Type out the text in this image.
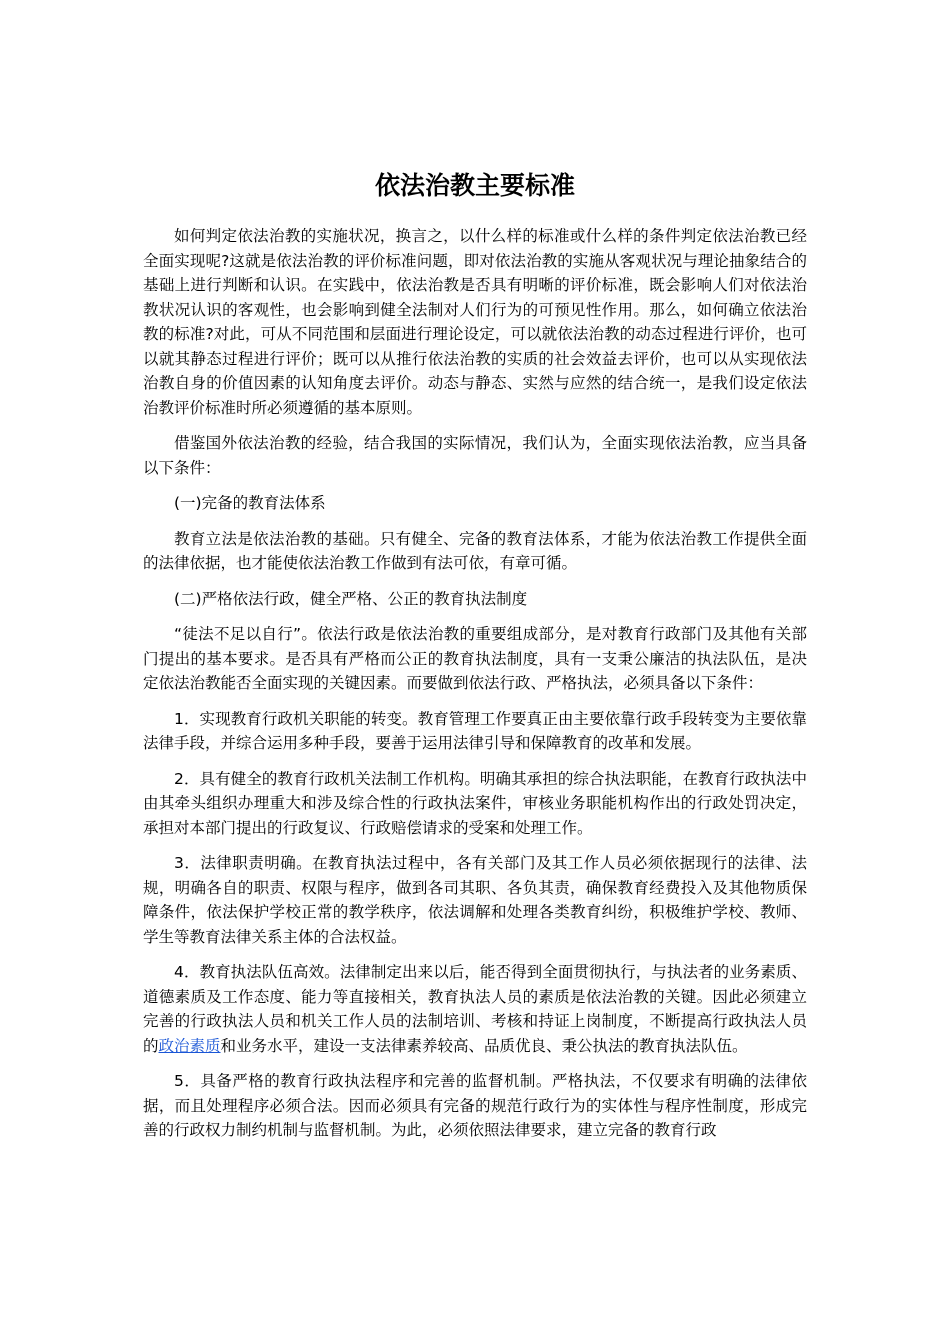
依法治教主要标准

如何判定依法治教的实施状况，换言之，以什么样的标准或什么样的条件判定依法治教已经全面实现呢?这就是依法治教的评价标准问题，即对依法治教的实施从客观状况与理论抽象结合的基础上进行判断和认识。在实践中，依法治教是否具有明晰的评价标准，既会影响人们对依法治教状况认识的客观性，也会影响到健全法制对人们行为的可预见性作用。那么，如何确立依法治教的标准?对此，可从不同范围和层面进行理论设定，可以就依法治教的动态过程进行评价，也可以就其静态过程进行评价；既可以从推行依法治教的实质的社会效益去评价，也可以从实现依法治教自身的价值因素的认知角度去评价。动态与静态、实然与应然的结合统一，是我们设定依法治教评价标准时所必须遵循的基本原则。

借鉴国外依法治教的经验，结合我国的实际情况，我们认为，全面实现依法治教，应当具备以下条件：

(一)完备的教育法体系

教育立法是依法治教的基础。只有健全、完备的教育法体系，才能为依法治教工作提供全面的法律依据，也才能使依法治教工作做到有法可依，有章可循。

(二)严格依法行政，健全严格、公正的教育执法制度

“徒法不足以自行”。依法行政是依法治教的重要组成部分，是对教育行政部门及其他有关部门提出的基本要求。是否具有严格而公正的教育执法制度，具有一支秉公廉洁的执法队伍，是决定依法治教能否全面实现的关键因素。而要做到依法行政、严格执法，必须具备以下条件：

1．实现教育行政机关职能的转变。教育管理工作要真正由主要依靠行政手段转变为主要依靠法律手段，并综合运用多种手段，要善于运用法律引导和保障教育的改革和发展。

2．具有健全的教育行政机关法制工作机构。明确其承担的综合执法职能，在教育行政执法中由其牵头组织办理重大和涉及综合性的行政执法案件，审核业务职能机构作出的行政处罚决定，承担对本部门提出的行政复议、行政赔偿请求的受案和处理工作。

3．法律职责明确。在教育执法过程中，各有关部门及其工作人员必须依据现行的法律、法规，明确各自的职责、权限与程序，做到各司其职、各负其责，确保教育经费投入及其他物质保障条件，依法保护学校正常的教学秩序，依法调解和处理各类教育纠纷，积极维护学校、教师、学生等教育法律关系主体的合法权益。

4．教育执法队伍高效。法律制定出来以后，能否得到全面贯彻执行，与执法者的业务素质、道德素质及工作态度、能力等直接相关，教育执法人员的素质是依法治教的关键。因此必须建立完善的行政执法人员和机关工作人员的法制培训、考核和持证上岗制度，不断提高行政执法人员的政治素质和业务水平，建设一支法律素养较高、品质优良、秉公执法的教育执法队伍。

5．具备严格的教育行政执法程序和完善的监督机制。严格执法，不仅要求有明确的法律依据，而且处理程序必须合法。因而必须具有完备的规范行政行为的实体性与程序性制度，形成完善的行政权力制约机制与监督机制。为此，必须依照法律要求，建立完备的教育行政
